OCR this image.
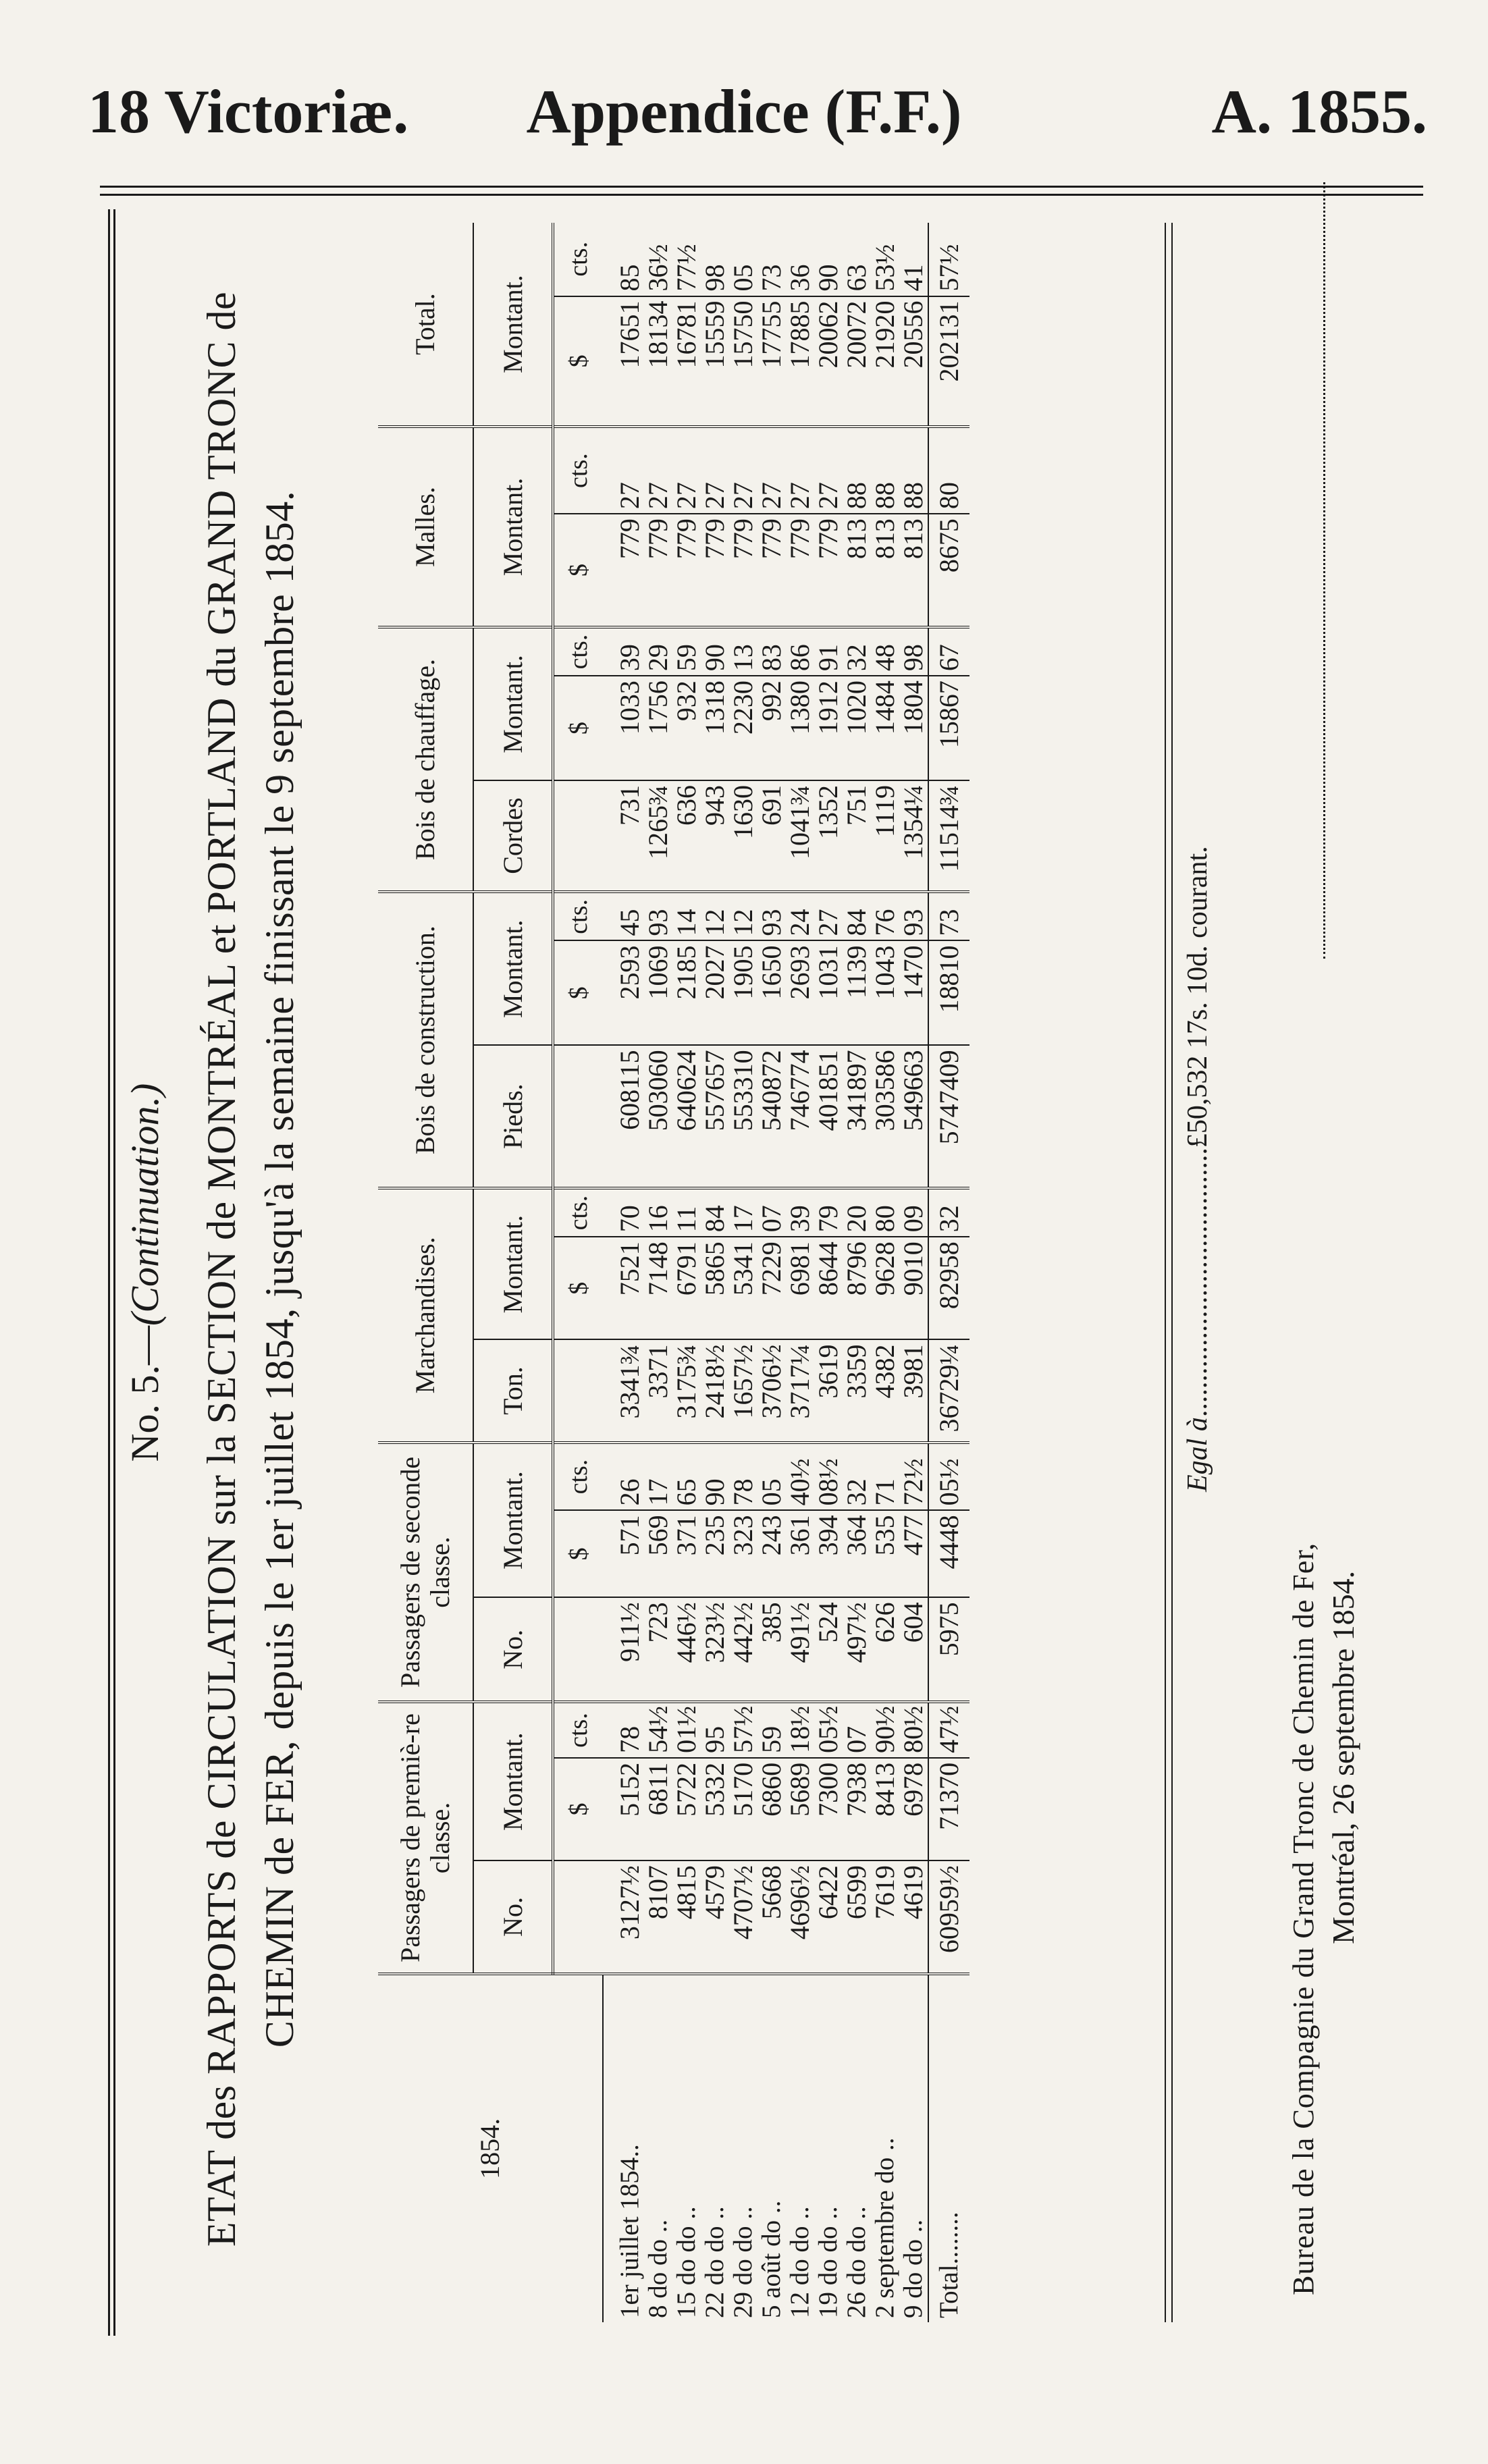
18 Victoriæ.	Appendice (F.F.)	A. 1855.
No. 5.—(Continuation.) ETAT des RAPPORTS de CIRCULATION sur la SECTION de MONTRÉAL et PORTLAND du GRAND TRONC de CHEMIN de FER, depuis le 1er juillet 1854, jusqu'à la semaine finissant le 9 septembre 1854.
1854.	Passagers de premiè-re classe.			Passagers de seconde classe.			Marchandises.			Bois de construction.			Bois de chauffage.			Malles.		Total.	
	No.	Montant.		No.	Montant.		Ton.	Montant.		Pieds.	Montant.		Cordes	Montant.		Montant.		Montant.	
		$	cts.		$	cts.		$	cts.		$	cts.		$	cts.	$	cts.	$	cts.

1er juillet 1854..	3127½	5152	78	911½	571	26	3341¾	7521	70	608115	2593	45	731	1033	39	779	27	17651	85
8 do do ..	8107	6811	54½	723	569	17	3371	7148	16	503060	1069	93	1265¾	1756	29	779	27	18134	36½
15 do do ..	4815	5722	01½	446½	371	65	3175¾	6791	11	640624	2185	14	636	932	59	779	27	16781	77½
22 do do ..	4579	5332	95	323½	235	90	2418½	5865	84	557657	2027	12	943	1318	90	779	27	15559	98
29 do do ..	4707½	5170	57½	442½	323	78	1657½	5341	17	553310	1905	12	1630	2230	13	779	27	15750	05
5 août do ..	5668	6860	59	385	243	05	3706½	7229	07	540872	1650	93	691	992	83	779	27	17755	73
12 do do ..	4696½	5689	18½	491½	361	40½	3717¼	6981	39	746774	2693	24	1041¾	1380	86	779	27	17885	36
19 do do ..	6422	7300	05½	524	394	08½	3619	8644	79	401851	1031	27	1352	1912	91	779	27	20062	90
26 do do ..	6599	7938	07	497½	364	32	3359	8796	20	341897	1139	84	751	1020	32	813	88	20072	63
2 septembre do ..	7619	8413	90½	626	535	71	4382	9628	80	303586	1043	76	1119	1484	48	813	88	21920	53½
9 do do ..	4619	6978	80½	604	477	72½	3981	9010	09	549663	1470	93	1354¼	1804	98	813	88	20556	41
Total........	60959½	71370	47½	5975	4448	05½	36729¼	82958	32	5747409	18810	73	11514¾	15867	67	8675	80	202131	57½
Egal à......................................£50,532 17s. 10d. courant.
Bureau de la Compagnie du Grand Tronc de Chemin de Fer, Montréal, 26 septembre 1854.
